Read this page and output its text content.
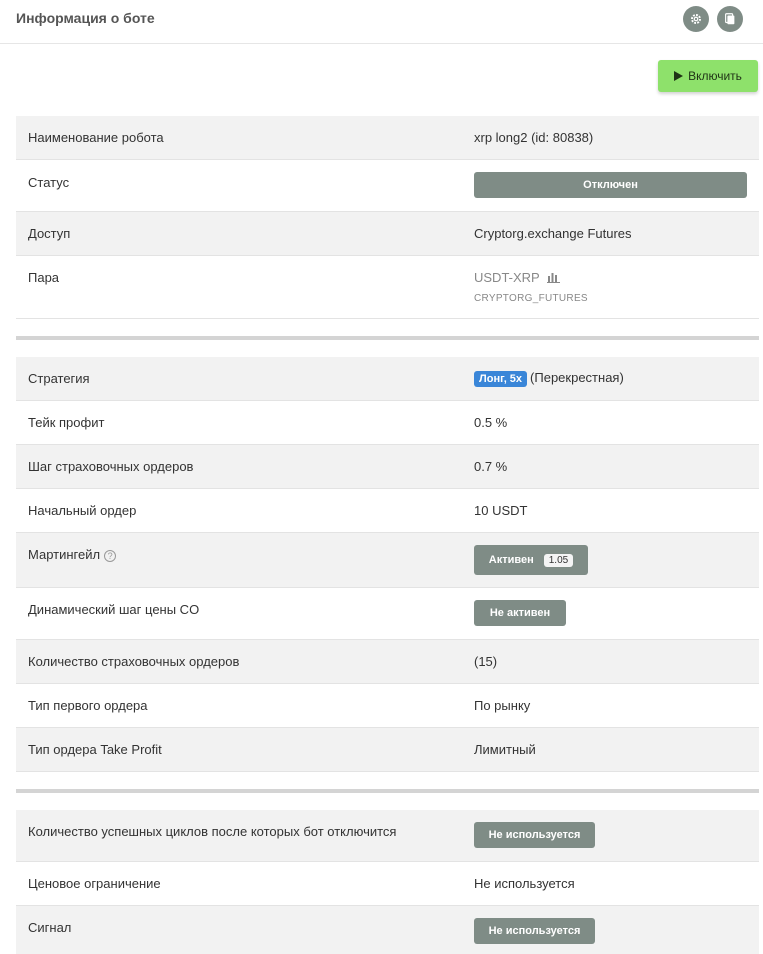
Информация о боте
Включить
Наименование робота	xrp long2 (id: 80838)
Статус	Отключен
Доступ	Cryptorg.exchange Futures
Пара	USDT-XRP
CRYPTORG_FUTURES
Стратегия	Лонг, 5x (Перекрестная)
Тейк профит	0.5 %
Шаг страховочных ордеров	0.7 %
Начальный ордер	10 USDT
Мартингейл ?	Активен	1.05
Динамический шаг цены CO	Не активен
Количество страховочных ордеров	(15)
Тип первого ордера	По рынку
Тип ордера Take Profit	Лимитный
Количество успешных циклов после которых бот отключится	Не используется
Ценовое ограничение	Не используется
Сигнал	Не используется
